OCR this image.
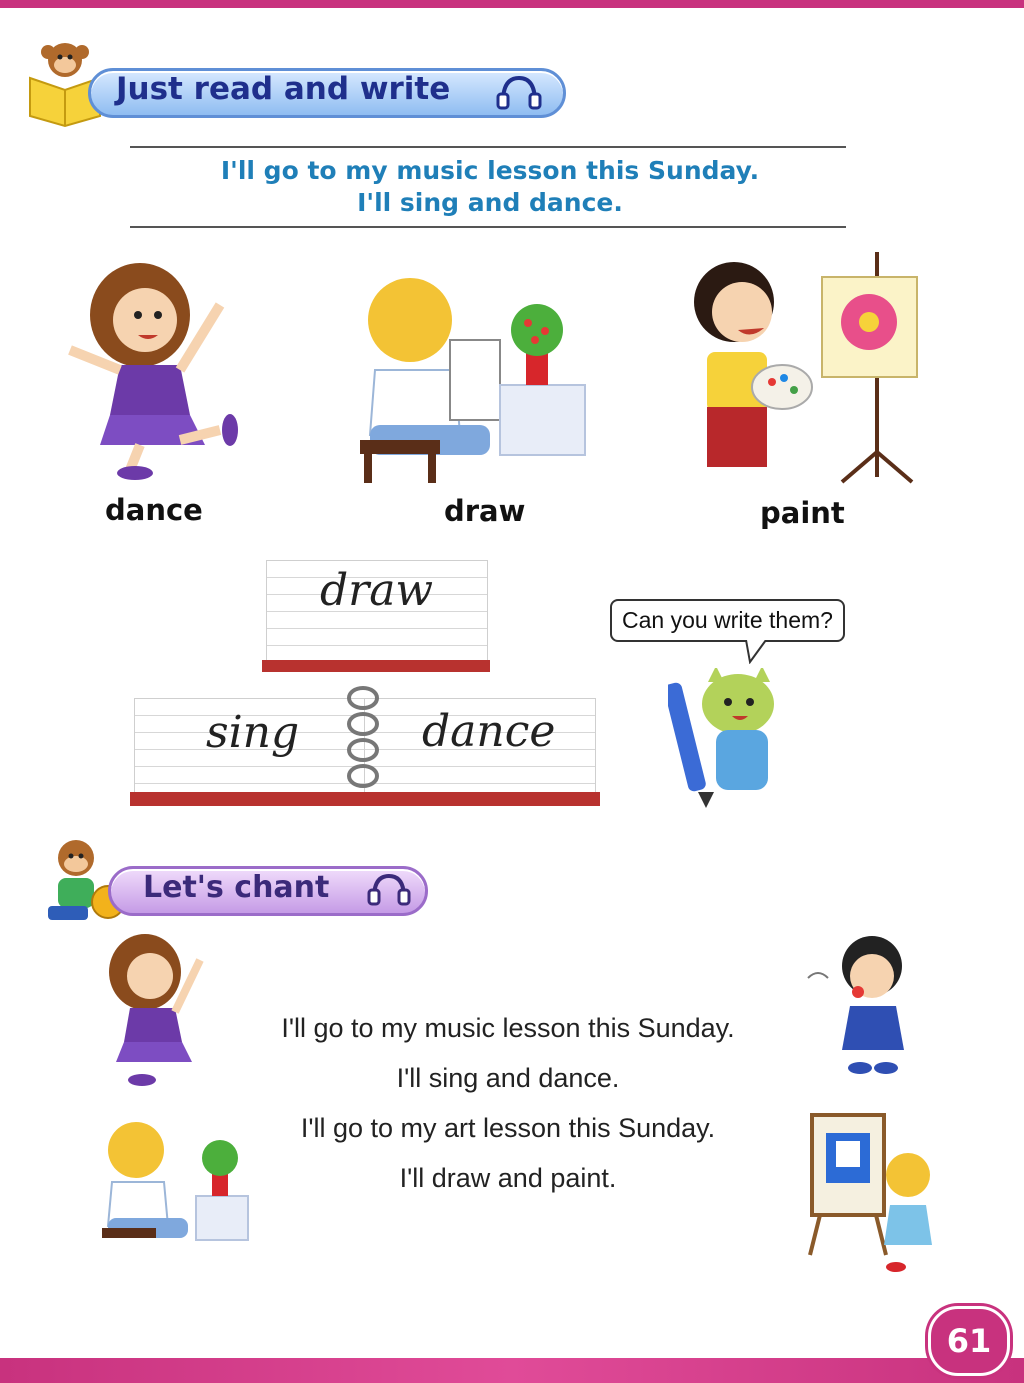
Just read and write
I'll go to my music lesson this Sunday.
I'll sing and dance.
dance	draw	paint
draw
sing	dance
Can you write them?
Let's chant
I'll go to my music lesson this Sunday.
I'll sing and dance.
I'll go to my art lesson this Sunday.
I'll draw and paint.
61
